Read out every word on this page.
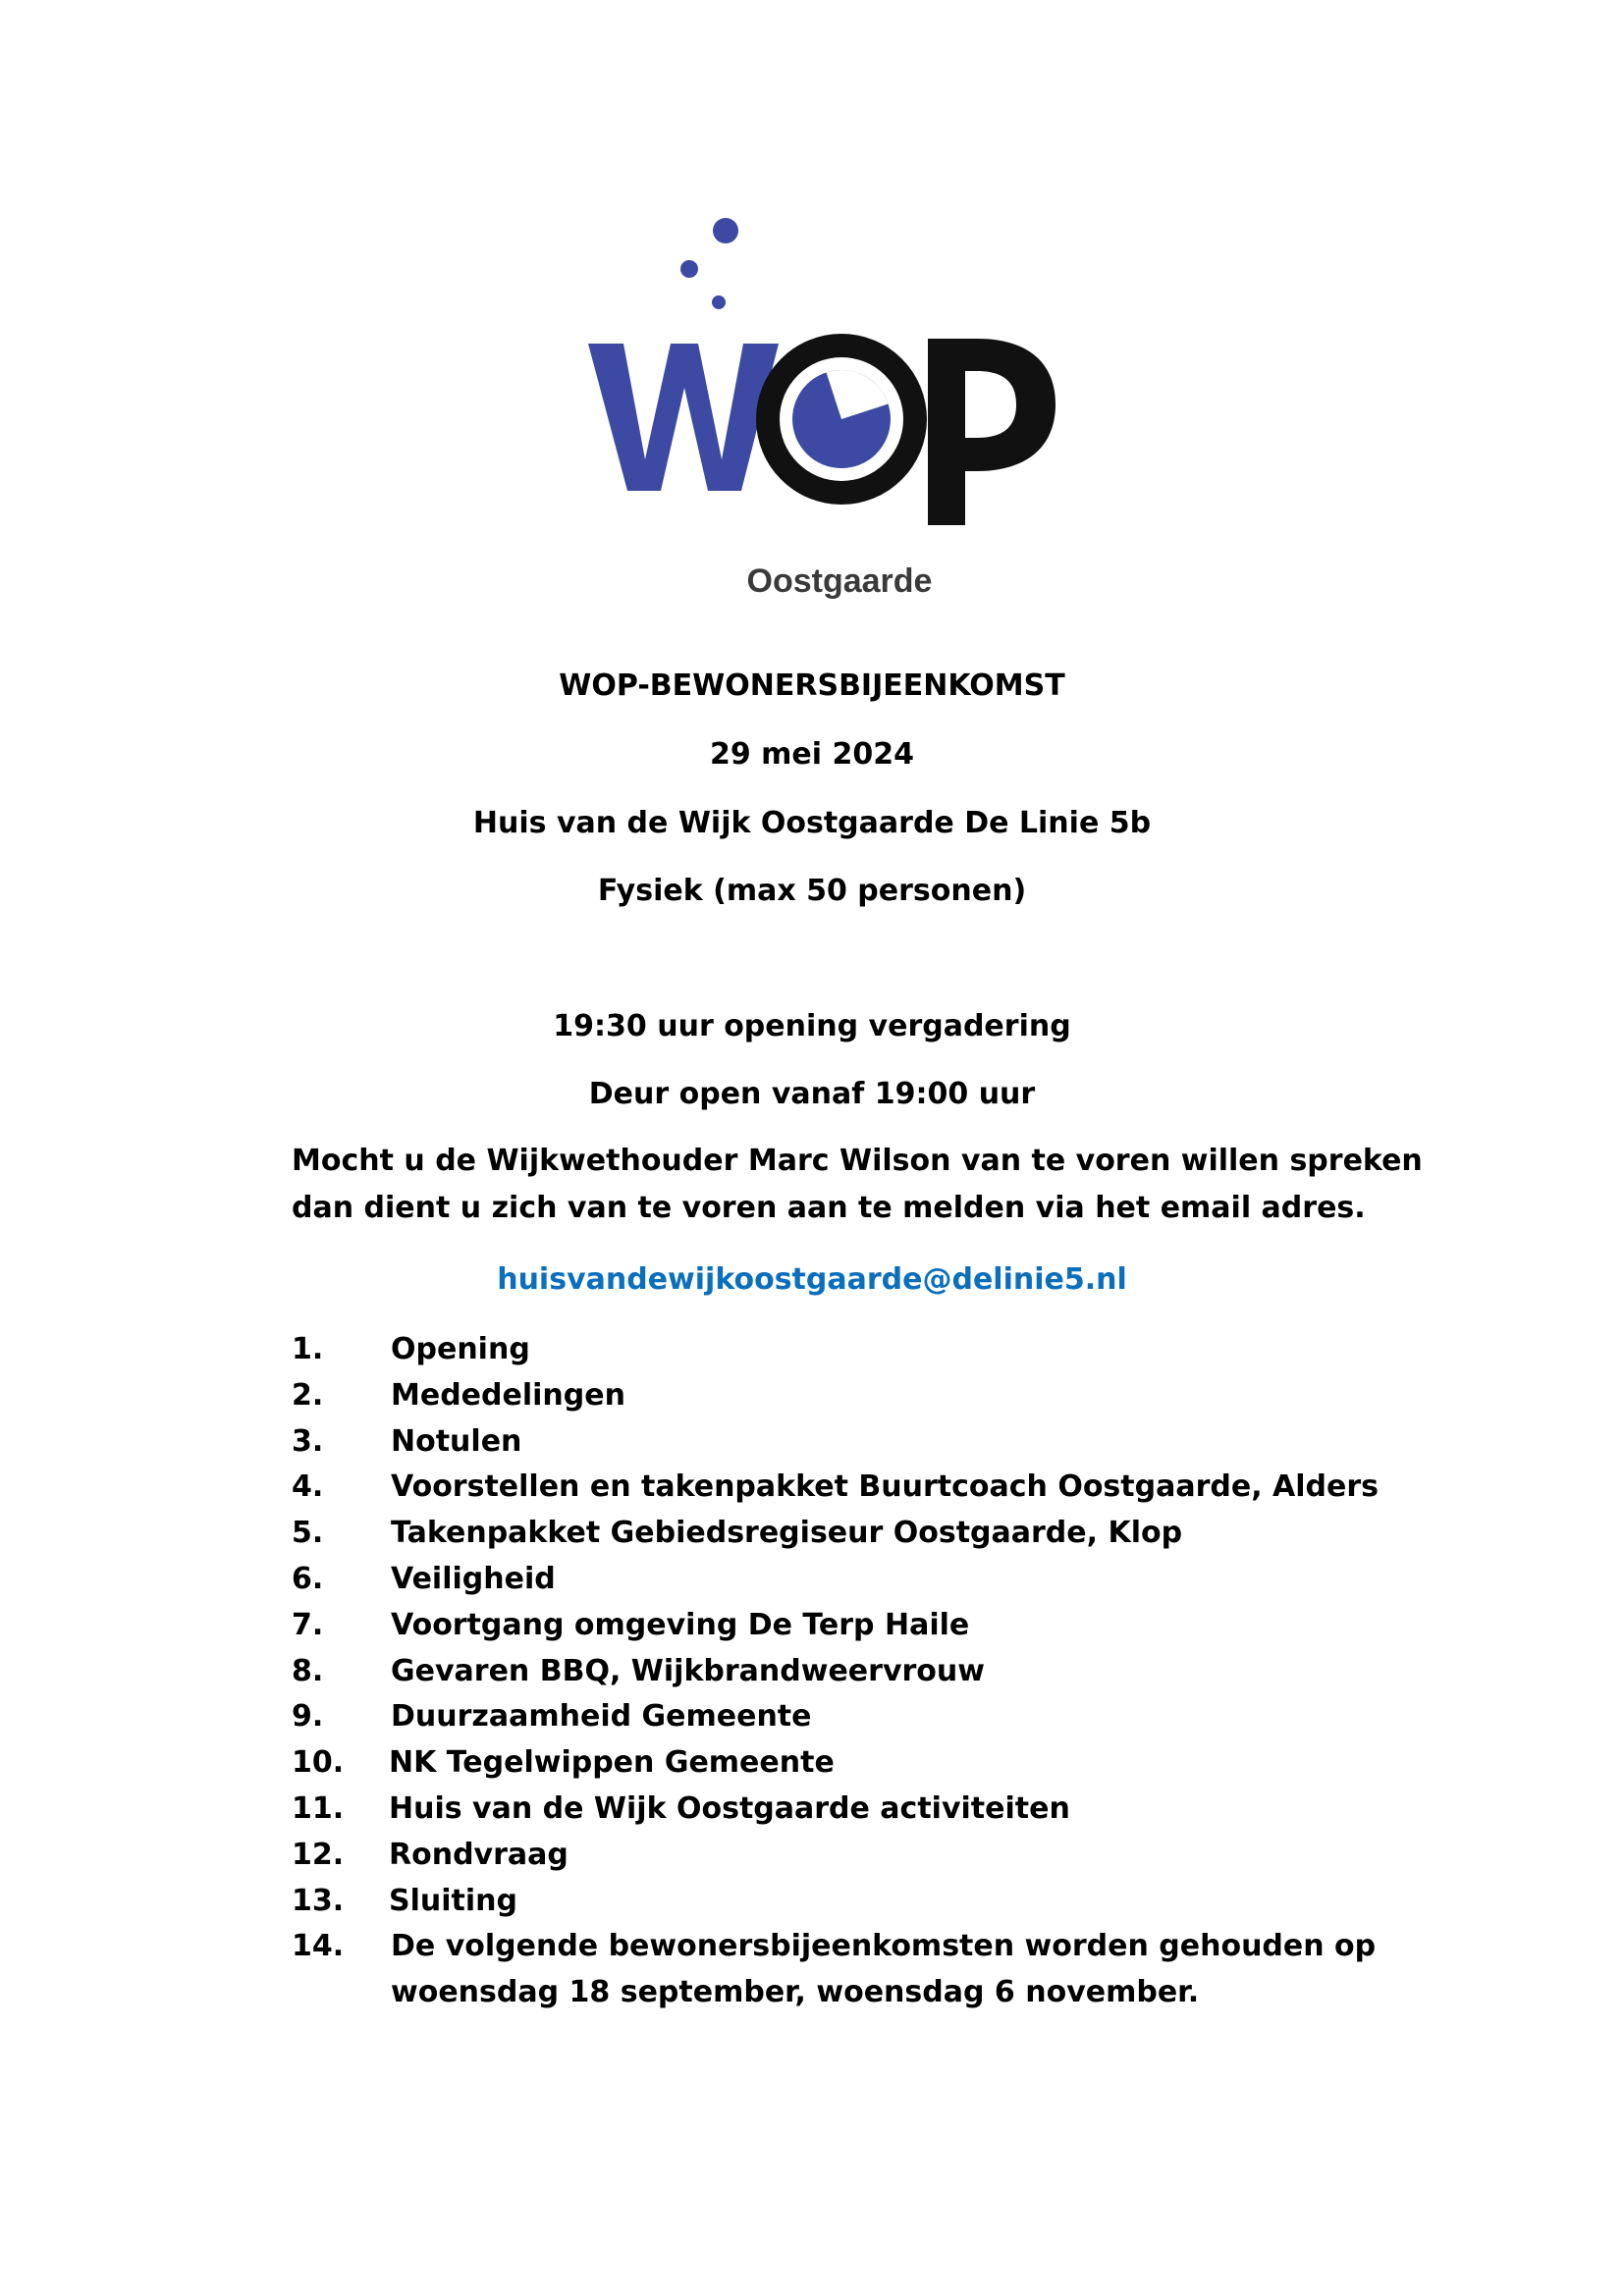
Oostgaarde
WOP-BEWONERSBIJEENKOMST
29 mei 2024
Huis van de Wijk Oostgaarde De Linie 5b
Fysiek (max 50 personen)
19:30 uur opening vergadering
Deur open vanaf 19:00 uur

Mocht u de Wijkwethouder Marc Wilson van te voren willen spreken

dan dient u zich van te voren aan te melden via het email adres.

huisvandewijkoostgaarde@delinie5.nl
1. Opening
2. Mededelingen
3. Notulen
4. Voorstellen en takenpakket Buurtcoach Oostgaarde, Alders
5. Takenpakket Gebiedsregiseur Oostgaarde, Klop
6. Veiligheid
7. Voortgang omgeving De Terp Haile
8. Gevaren BBQ, Wijkbrandweervrouw
9. Duurzaamheid Gemeente
10. NK Tegelwippen Gemeente
11. Huis van de Wijk Oostgaarde activiteiten
12. Rondvraag
13. Sluiting
14.	De volgende bewonersbijeenkomsten worden gehouden op
woensdag 18 september, woensdag 6 november.
